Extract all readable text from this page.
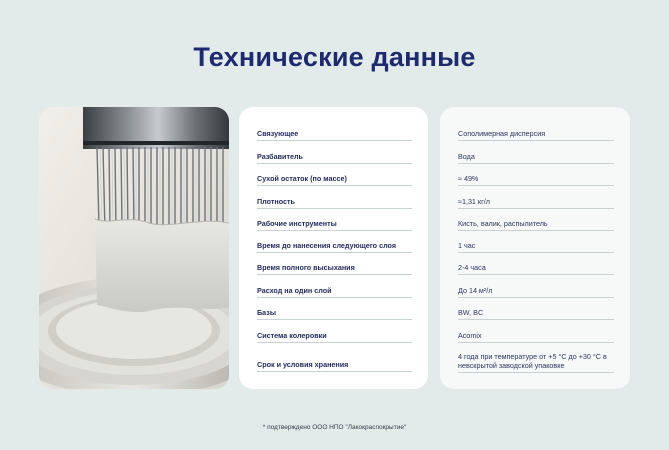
Технические данные
Связующее
Разбавитель
Сухой остаток (по массе)
Плотность
Рабочие инструменты
Время до нанесения следующего слоя
Время полного высыхания
Расход на один слой
Базы
Система колеровки
Срок и условия хранения
Сополимерная дисперсия
Вода
≈ 49%
≈1,31 кг/л
Кисть, валик, распылитель
1 час
2-4 часа
До 14 м²/л
BW, BC
Acomix
4 года при температуре от +5 °С до +30 °С в невскрытой заводской упаковке
* подтверждено ООО НПО "Лакокраспокрытие"
